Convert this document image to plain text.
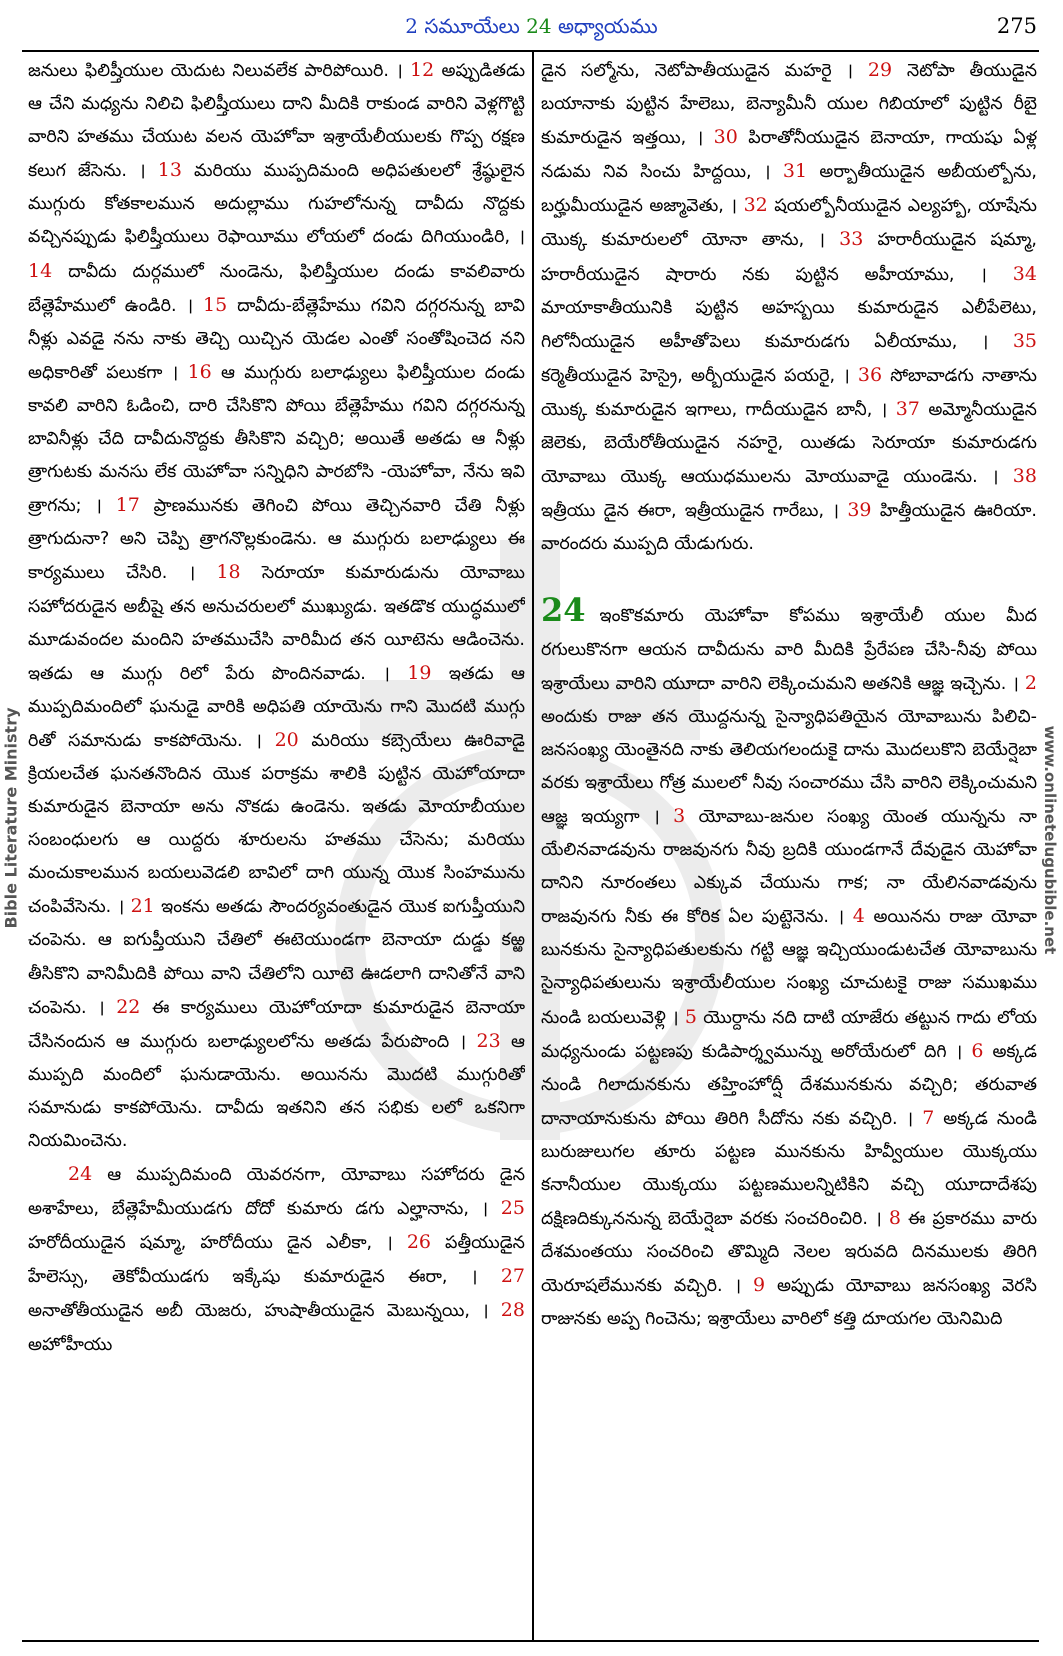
2 సమూయేలు 24 అధ్యాయము	275
Bible Literature Ministry	www.onlinetelugubible.net

జనులు ఫిలిష్తీయుల యెదుట నిలువలేక పారిపోయిరి. । 12 అప్పుడితడు ఆ చేని మధ్యను నిలిచి ఫిలిష్తీయులు దాని మీదికి రాకుండ వారిని వెళ్లగొట్టి వారిని హతము చేయుట వలన యెహోవా ఇశ్రాయేలీయులకు గొప్ప రక్షణ కలుగ జేసెను. । 13 మరియు ముప్పదిమంది అధిపతులలో శ్రేష్ఠులైన ముగ్గురు కోతకాలమున అదుల్లాము గుహలోనున్న దావీదు నొద్దకు వచ్చినప్పుడు ఫిలిష్తీయులు రెఫాయీము లోయలో దండు దిగియుండిరి, । 14 దావీదు దుర్గములో నుండెను, ఫిలిష్తీయుల దండు కావలివారు బేత్లెహేములో ఉండిరి. । 15 దావీదు-బేత్లెహేము గవిని దగ్గరనున్న బావి నీళ్లు ఎవడై నను నాకు తెచ్చి యిచ్చిన యెడల ఎంతో సంతోషించెద నని అధికారితో పలుకగా । 16 ఆ ముగ్గురు బలాఢ్యులు ఫిలిష్తీయుల దండు కావలి వారిని ఓడించి, దారి చేసికొని పోయి బేత్లెహేము గవిని దగ్గరనున్న బావినీళ్లు చేది దావీదునొద్దకు తీసికొని వచ్చిరి; అయితే అతడు ఆ నీళ్లు త్రాగుటకు మనసు లేక యెహోవా సన్నిధిని పారబోసి -యెహోవా, నేను ఇవి త్రాగను; । 17 ప్రాణమునకు తెగించి పోయి తెచ్చినవారి చేతి నీళ్లు త్రాగుదునా? అని చెప్పి త్రాగనొల్లకుండెను. ఆ ముగ్గురు బలాఢ్యులు ఈ కార్యములు చేసిరి. । 18 సెరూయా కుమారుడును యోవాబు సహోదరుడైన అబీషై తన అనుచరులలో ముఖ్యుడు. ఇతడొక యుద్ధములో మూడువందల మందిని హతముచేసి వారిమీద తన యీటెను ఆడించెను. ఇతడు ఆ ముగ్గు రిలో పేరు పొందినవాడు. । 19 ఇతడు ఆ ముప్పదిమందిలో ఘనుడై వారికి అధిపతి యాయెను గాని మొదటి ముగ్గు రితో సమానుడు కాకపోయెను. । 20 మరియు కబ్సెయేలు ఊరివాడై క్రియలచేత ఘనతనొందిన యొక పరాక్రమ శాలికి పుట్టిన యెహోయాదా కుమారుడైన బెనాయా అను నొకడు ఉండెను. ఇతడు మోయాబీయుల సంబంధులగు ఆ యిద్దరు శూరులను హతము చేసెను; మరియు మంచుకాలమున బయలువెడలి బావిలో దాగి యున్న యొక సింహమును చంపివేసెను. । 21 ఇంకను అతడు సౌందర్యవంతుడైన యొక ఐగుప్తీయుని చంపెను. ఆ ఐగుప్తీయుని చేతిలో ఈటెయుండగా బెనాయా దుడ్డు కఱ్ఱ తీసికొని వానిమీదికి పోయి వాని చేతిలోని యీటె ఊడలాగి దానితోనే వాని చంపెను. । 22 ఈ కార్యములు యెహోయాదా కుమారుడైన బెనాయా చేసినందున ఆ ముగ్గురు బలాఢ్యులలోను అతడు పేరుపొంది । 23 ఆ ముప్పది మందిలో ఘనుడాయెను. అయినను మొదటి ముగ్గురితో సమానుడు కాకపోయెను. దావీదు ఇతనిని తన సభికు లలో ఒకనిగా నియమించెను.

24 ఆ ముప్పదిమంది యెవరనగా, యోవాబు సహోదరు డైన అశాహేలు, బేత్లెహేమీయుడగు దోదో కుమారు డగు ఎల్హానాను, । 25 హరోదీయుడైన షమ్మా, హరోదీయు డైన ఎలీకా, । 26 పత్తీయుడైన హేలెస్సు, తెకోవీయుడగు ఇక్కేషు కుమారుడైన ఈరా, । 27 అనాతోతీయుడైన అబీ యెజరు, హుషాతీయుడైన మెబున్నయి, । 28 అహోహీయు

డైన సల్మోను, నెటోపాతీయుడైన మహరై । 29 నెటోపా తీయుడైన బయానాకు పుట్టిన హేలెబు, బెన్యామీనీ యుల గిబియాలో పుట్టిన రీబై కుమారుడైన ఇత్తయి, । 30 పిరాతోనీయుడైన బెనాయా, గాయషు ఏళ్ల నడుమ నివ సించు హిద్దయి, । 31 అర్బాతీయుడైన అబీయల్బోను, బర్హుమీయుడైన అజ్మావెతు, । 32 షయల్బోనీయుడైన ఎల్యహ్బా, యాషేను యొక్క కుమారులలో యోనా తాను, । 33 హరారీయుడైన షమ్మా, హరారీయుడైన షారారు నకు పుట్టిన అహీయాము, । 34 మాయాకాతీయునికి పుట్టిన అహస్బయి కుమారుడైన ఎలీపేలెటు, గిలోనీయుడైన అహీతోపెలు కుమారుడగు ఏలీయాము, । 35 కర్మెతీయుడైన హెస్రై, అర్బీయుడైన పయరై, । 36 సోబావాడగు నాతాను యొక్క కుమారుడైన ఇగాలు, గాదీయుడైన బానీ, । 37 అమ్మోనీయుడైన జెలెకు, బెయేరోతీయుడైన నహరై, యితడు సెరూయా కుమారుడగు యోవాబు యొక్క ఆయుధములను మోయువాడై యుండెను. । 38 ఇత్రీయు డైన ఈరా, ఇత్రీయుడైన గారేబు, । 39 హిత్తీయుడైన ఊరియా. వారందరు ముప్పది యేడుగురు.

24 ఇంకొకమారు యెహోవా కోపము ఇశ్రాయేలీ యుల మీద రగులుకొనగా ఆయన దావీదును వారి మీదికి ప్రేరేపణ చేసి-నీవు పోయి ఇశ్రాయేలు వారిని యూదా వారిని లెక్కించుమని అతనికి ఆజ్ఞ ఇచ్చెను. । 2 అందుకు రాజు తన యొద్దనున్న సైన్యాధిపతియైన యోవాబును పిలిచి-జనసంఖ్య యెంతైనది నాకు తెలియగలందుకై దాను మొదలుకొని బెయేర్షెబా వరకు ఇశ్రాయేలు గోత్ర ములలో నీవు సంచారము చేసి వారిని లెక్కించుమని ఆజ్ఞ ఇయ్యగా । 3 యోవాబు-జనుల సంఖ్య యెంత యున్నను నా యేలినవాడవును రాజవునగు నీవు బ్రదికి యుండగానే దేవుడైన యెహోవా దానిని నూరంతలు ఎక్కువ చేయును గాక; నా యేలినవాడవును రాజవునగు నీకు ఈ కోరిక ఏల పుట్టెనెను. । 4 అయినను రాజు యోవా బునకును సైన్యాధిపతులకును గట్టి ఆజ్ఞ ఇచ్చియుండుటచేత యోవాబును సైన్యాధిపతులును ఇశ్రాయేలీయుల సంఖ్య చూచుటకై రాజు సముఖము నుండి బయలువెళ్లి । 5 యొర్దాను నది దాటి యాజేరు తట్టున గాదు లోయ మధ్యనుండు పట్టణపు కుడిపార్శ్వమున్ను అరోయేరులో దిగి । 6 అక్కడ నుండి గిలాదునకును తహ్తింహోద్షీ దేశమునకును వచ్చిరి; తరువాత దానాయానుకును పోయి తిరిగి సీదోను నకు వచ్చిరి. । 7 అక్కడ నుండి బురుజులుగల తూరు పట్టణ మునకును హివ్వీయుల యొక్కయు కనానీయుల యొక్కయు పట్టణములన్నిటికిని వచ్చి యూదాదేశపు దక్షిణదిక్కుననున్న బెయేర్షెబా వరకు సంచరించిరి. । 8 ఈ ప్రకారము వారు దేశమంతయు సంచరించి తొమ్మిది నెలల ఇరువది దినములకు తిరిగి యెరూషలేమునకు వచ్చిరి. । 9 అప్పుడు యోవాబు జనసంఖ్య వెరసి రాజునకు అప్ప గించెను; ఇశ్రాయేలు వారిలో కత్తి దూయగల యెనిమిది
